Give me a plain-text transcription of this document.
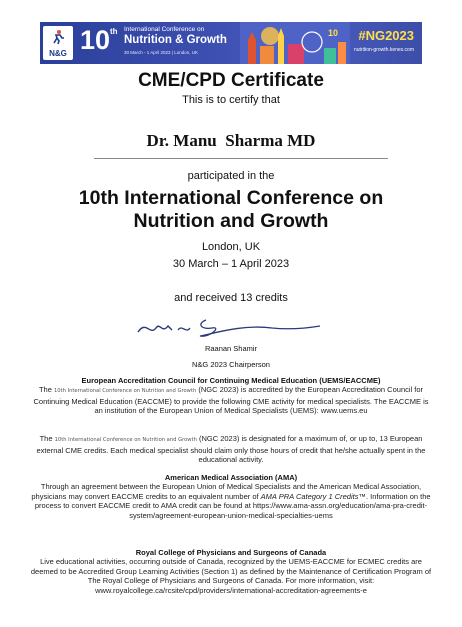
N&G 10 th International Conference on
Nutrition & Growth
30 March - 1 April 2023 | London, UK
10 #NG2023
nutrition-growth.kenes.com
CME/CPD Certificate
This is to certify that
Dr. Manu  Sharma MD
participated in the
10th International Conference on
Nutrition and Growth
London, UK
30 March – 1 April 2023
and received 13 credits
Raanan Shamir
N&G 2023 Chairperson
European Accreditation Council for Continuing Medical Education (UEMS/EACCME)
The 10th International Conference on Nutrition and Growth (NGC 2023) is accredited by the European Accreditation Council for Continuing Medical Education (EACCME) to provide the following CME activity for medical specialists. The EACCME is an institution of the European Union of Medical Specialists (UEMS): www.uems.eu
The 10th International Conference on Nutrition and Growth (NGC 2023) is designated for a maximum of, or up to, 13 European external CME credits. Each medical specialist should claim only those hours of credit that he/she actually spent in the educational activity.
American Medical Association (AMA)
Through an agreement between the European Union of Medical Specialists and the American Medical Association, physicians may convert EACCME credits to an equivalent number of AMA PRA Category 1 Credits™. Information on the process to convert EACCME credit to AMA credit can be found at https://www.ama-assn.org/education/ama-pra-credit-system/agreement-european-union-medical-specialties-uems
Royal College of Physicians and Surgeons of Canada
Live educational activities, occurring outside of Canada, recognized by the UEMS-EACCME for ECMEC credits are deemed to be Accredited Group Learning Activities (Section 1) as defined by the Maintenance of Certification Program of The Royal College of Physicians and Surgeons of Canada. For more information, visit: www.royalcollege.ca/rcsite/cpd/providers/international-accreditation-agreements-e
